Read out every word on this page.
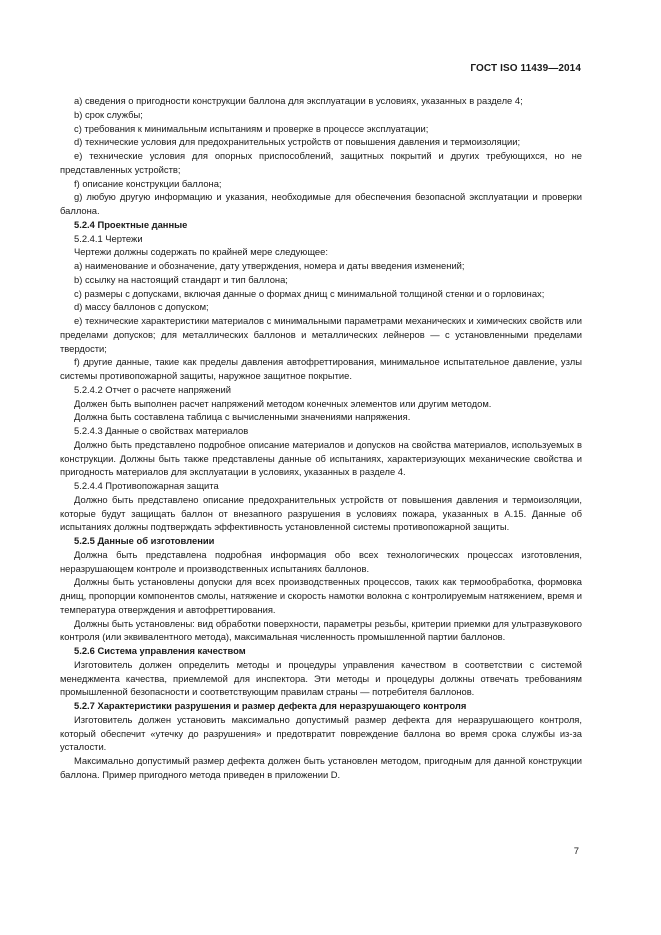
ГОСТ ISO 11439—2014

a) сведения о пригодности конструкции баллона для эксплуатации в условиях, указанных в разделе 4;

b) срок службы;

c) требования к минимальным испытаниям и проверке в процессе эксплуатации;

d) технические условия для предохранительных устройств от повышения давления и термоизоляции;

e) технические условия для опорных приспособлений, защитных покрытий и других требующихся, но не представленных устройств;

f) описание конструкции баллона;

g) любую другую информацию и указания, необходимые для обеспечения безопасной эксплуатации и проверки баллона.

5.2.4 Проектные данные

5.2.4.1 Чертежи

Чертежи должны содержать по крайней мере следующее:

a) наименование и обозначение, дату утверждения, номера и даты введения изменений;

b) ссылку на настоящий стандарт и тип баллона;

c) размеры с допусками, включая данные о формах днищ с минимальной толщиной стенки и о горловинах;

d) массу баллонов с допуском;

e) технические характеристики материалов с минимальными параметрами механических и химических свойств или пределами допусков; для металлических баллонов и металлических лейнеров — с установленными пределами твердости;

f) другие данные, такие как пределы давления автофреттирования, минимальное испытательное давление, узлы системы противопожарной защиты, наружное защитное покрытие.

5.2.4.2 Отчет о расчете напряжений

Должен быть выполнен расчет напряжений методом конечных элементов или другим методом.

Должна быть составлена таблица с вычисленными значениями напряжения.

5.2.4.3 Данные о свойствах материалов

Должно быть представлено подробное описание материалов и допусков на свойства материалов, используемых в конструкции. Должны быть также представлены данные об испытаниях, характеризующих механические свойства и пригодность материалов для эксплуатации в условиях, указанных в разделе 4.

5.2.4.4 Противопожарная защита

Должно быть представлено описание предохранительных устройств от повышения давления и термоизоляции, которые будут защищать баллон от внезапного разрушения в условиях пожара, указанных в А.15. Данные об испытаниях должны подтверждать эффективность установленной системы противопожарной защиты.

5.2.5 Данные об изготовлении

Должна быть представлена подробная информация обо всех технологических процессах изготовления, неразрушающем контроле и производственных испытаниях баллонов.

Должны быть установлены допуски для всех производственных процессов, таких как термообработка, формовка днищ, пропорции компонентов смолы, натяжение и скорость намотки волокна с контролируемым натяжением, время и температура отверждения и автофреттирования.

Должны быть установлены: вид обработки поверхности, параметры резьбы, критерии приемки для ультразвукового контроля (или эквивалентного метода), максимальная численность промышленной партии баллонов.

5.2.6 Система управления качеством

Изготовитель должен определить методы и процедуры управления качеством в соответствии с системой менеджмента качества, приемлемой для инспектора. Эти методы и процедуры должны отвечать требованиям промышленной безопасности и соответствующим правилам страны — потребителя баллонов.

5.2.7 Характеристики разрушения и размер дефекта для неразрушающего контроля

Изготовитель должен установить максимально допустимый размер дефекта для неразрушающего контроля, который обеспечит «утечку до разрушения» и предотвратит повреждение баллона во время срока службы из-за усталости.

Максимально допустимый размер дефекта должен быть установлен методом, пригодным для данной конструкции баллона. Пример пригодного метода приведен в приложении D.

7
